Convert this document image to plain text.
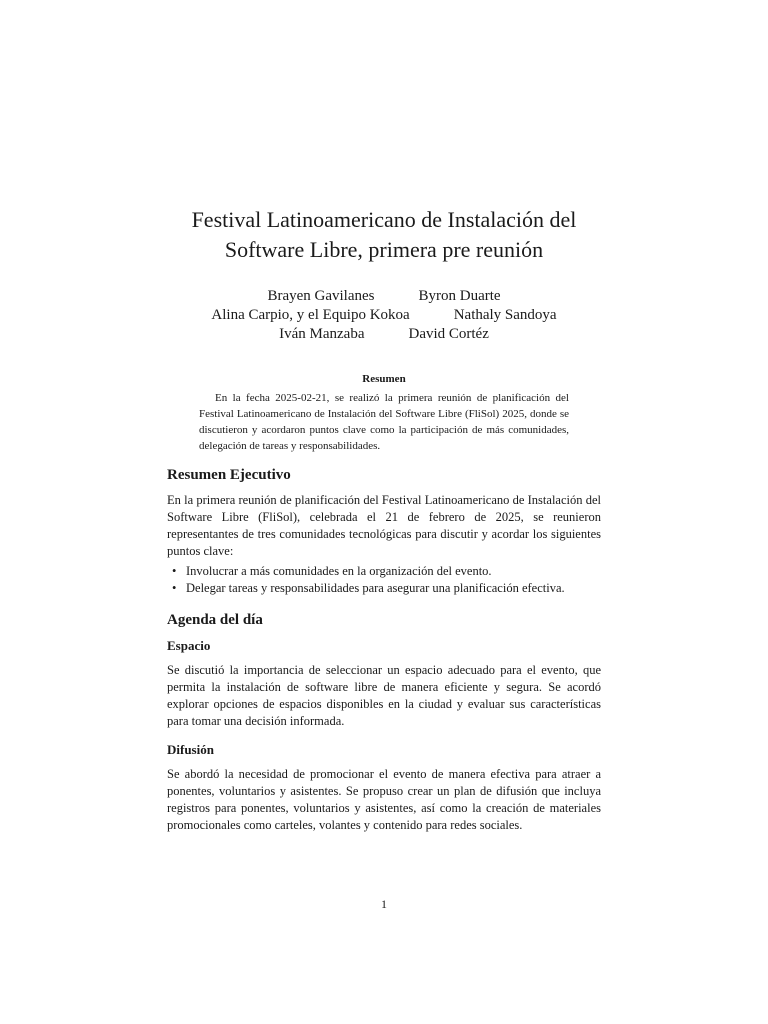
Festival Latinoamericano de Instalación del
Software Libre, primera pre reunión
Brayen Gavilanes	Byron Duarte
Alina Carpio, y el Equipo Kokoa	Nathaly Sandoya
Iván Manzaba	David Cortéz
Resumen

En la fecha 2025-02-21, se realizó la primera reunión de planificación del Festival Latinoamericano de Instalación del Software Libre (FliSol) 2025, donde se discutieron y acordaron puntos clave como la participación de más comunidades, delegación de tareas y responsabilidades.

Resumen Ejecutivo

En la primera reunión de planificación del Festival Latinoamericano de Instalación del Software Libre (FliSol), celebrada el 21 de febrero de 2025, se reunieron representantes de tres comunidades tecnológicas para discutir y acordar los siguientes puntos clave:

• Involucrar a más comunidades en la organización del evento.
• Delegar tareas y responsabilidades para asegurar una planificación efectiva.
Agenda del día
Espacio

Se discutió la importancia de seleccionar un espacio adecuado para el evento, que permita la instalación de software libre de manera eficiente y segura. Se acordó explorar opciones de espacios disponibles en la ciudad y evaluar sus características para tomar una decisión informada.

Difusión

Se abordó la necesidad de promocionar el evento de manera efectiva para atraer a ponentes, voluntarios y asistentes. Se propuso crear un plan de difusión que incluya registros para ponentes, voluntarios y asistentes, así como la creación de materiales promocionales como carteles, volantes y contenido para redes sociales.

1
